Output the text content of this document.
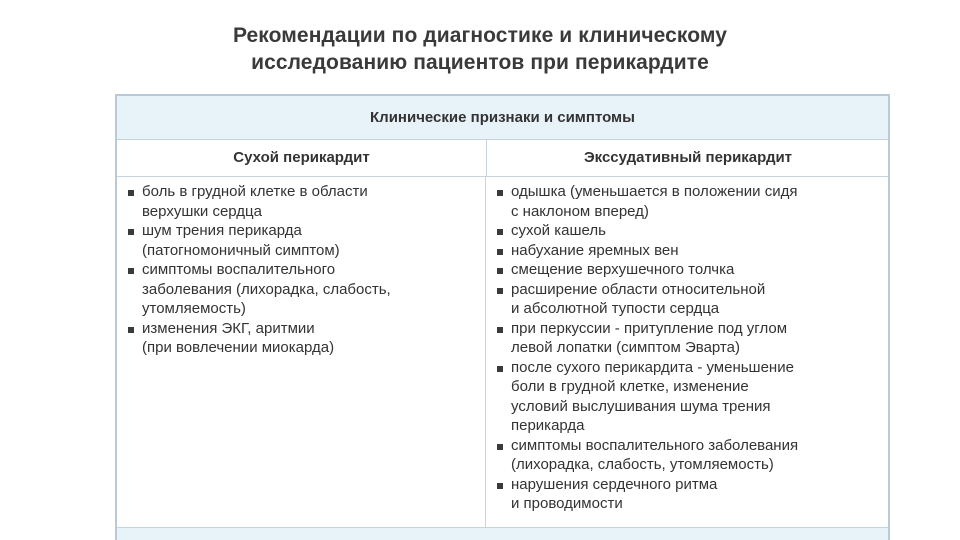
Рекомендации по диагностике и клиническому
исследованию пациентов при перикардите
Клинические признаки и симптомы
Сухой перикардит	Экссудативный перикардит
боль в грудной клетке в области
верхушки сердца
шум трения перикарда
(патогномоничный симптом)
симптомы воспалительного
заболевания (лихорадка, слабость,
утомляемость)
изменения ЭКГ, аритмии
(при вовлечении миокарда)
одышка (уменьшается в положении сидя
с наклоном вперед)
сухой кашель
набухание яремных вен
смещение верхушечного толчка
расширение области относительной
и абсолютной тупости сердца
при перкуссии - притупление под углом
левой лопатки (симптом Эварта)
после сухого перикардита - уменьшение
боли в грудной клетке, изменение
условий выслушивания шума трения
перикарда
симптомы воспалительного заболевания
(лихорадка, слабость, утомляемость)
нарушения сердечного ритма
и проводимости
